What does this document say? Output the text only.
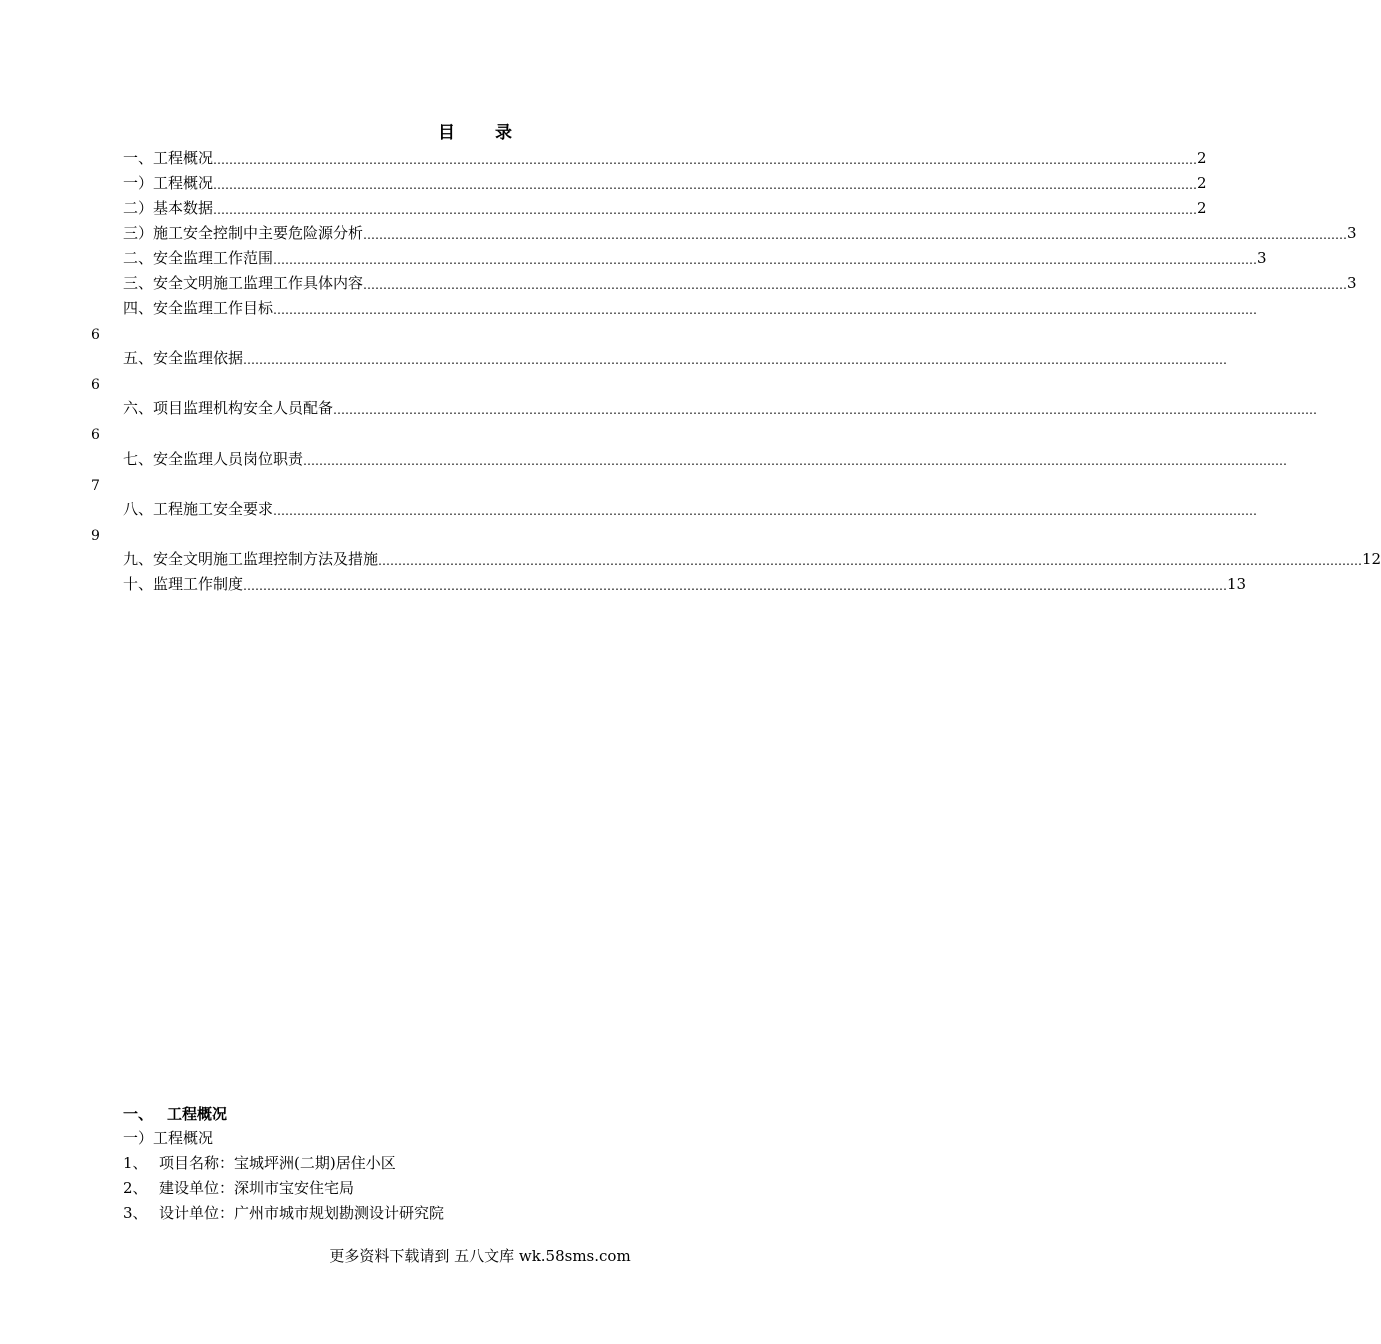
目 录
一、工程概况 ………………………………………………………………………………………………………………………………………………………………………………………………………………………… 2
一）工程概况 ………………………………………………………………………………………………………………………………………………………………………………………………………………………… 2
二）基本数据 ………………………………………………………………………………………………………………………………………………………………………………………………………………………… 2
三）施工安全控制中主要危险源分析 ………………………………………………………………………………………………………………………………………………………………………………………………………………………… 3
二、安全监理工作范围 ………………………………………………………………………………………………………………………………………………………………………………………………………………………… 3
三、安全文明施工监理工作具体内容 ………………………………………………………………………………………………………………………………………………………………………………………………………………………… 3
四、安全监理工作目标 …………………………………………………………………………………………………………………………………………………………………………………………………………………………
6
五、安全监理依据 …………………………………………………………………………………………………………………………………………………………………………………………………………………………
6
六、项目监理机构安全人员配备 …………………………………………………………………………………………………………………………………………………………………………………………………………………………
6
七、安全监理人员岗位职责 …………………………………………………………………………………………………………………………………………………………………………………………………………………………
7
八、工程施工安全要求 …………………………………………………………………………………………………………………………………………………………………………………………………………………………
9
九、安全文明施工监理控制方法及措施 ………………………………………………………………………………………………………………………………………………………………………………………………………………………… 12
十、监理工作制度 ………………………………………………………………………………………………………………………………………………………………………………………………………………………… 13
一、 工程概况
一）工程概况
1、 项目名称：宝城坪洲(二期)居住小区
2、 建设单位：深圳市宝安住宅局
3、 设计单位：广州市城市规划勘测设计研究院
更多资料下载请到 五八文库 wk.58sms.com
